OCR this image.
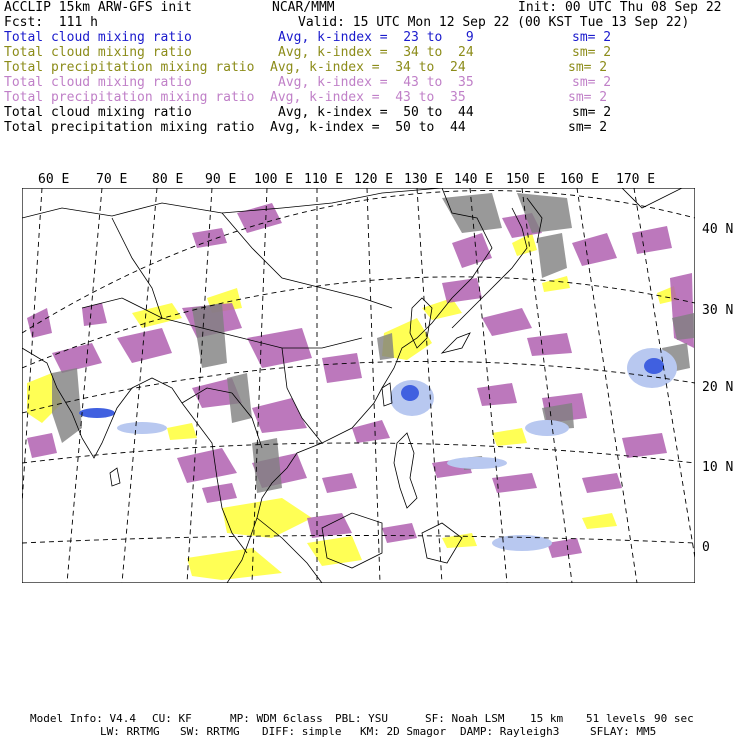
ACCLIP 15km ARW-GFS init	NCAR/MMM	Init: 00 UTC Thu 08 Sep 22
Fcst:  111 h	Valid: 15 UTC Mon 12 Sep 22 (00 KST Tue 13 Sep 22)
Total cloud mixing ratio	Avg, k-index =  23 to   9	sm= 2
Total cloud mixing ratio	Avg, k-index =  34 to  24	sm= 2
Total precipitation mixing ratio Avg, k-index =  34 to  24	sm= 2
Total cloud mixing ratio	Avg, k-index =  43 to  35	sm= 2
Total precipitation mixing ratio Avg, k-index =  43 to  35	sm= 2
Total cloud mixing ratio	Avg, k-index =  50 to  44	sm= 2
Total precipitation mixing ratio Avg, k-index =  50 to  44	sm= 2
60 E 70 E 80 E 90 E 100 E 110 E 120 E 130 E 140 E 150 E 160 E 170 E
40 N
30 N
20 N
10 N
0
Model Info: V4.4 CU: KF	MP: WDM 6class PBL: YSU	SF: Noah LSM 15 km 51 levels 90 sec
LW: RRTMG SW: RRTMG DIFF: simple KM: 2D Smagor DAMP: Rayleigh3	SFLAY: MM5
